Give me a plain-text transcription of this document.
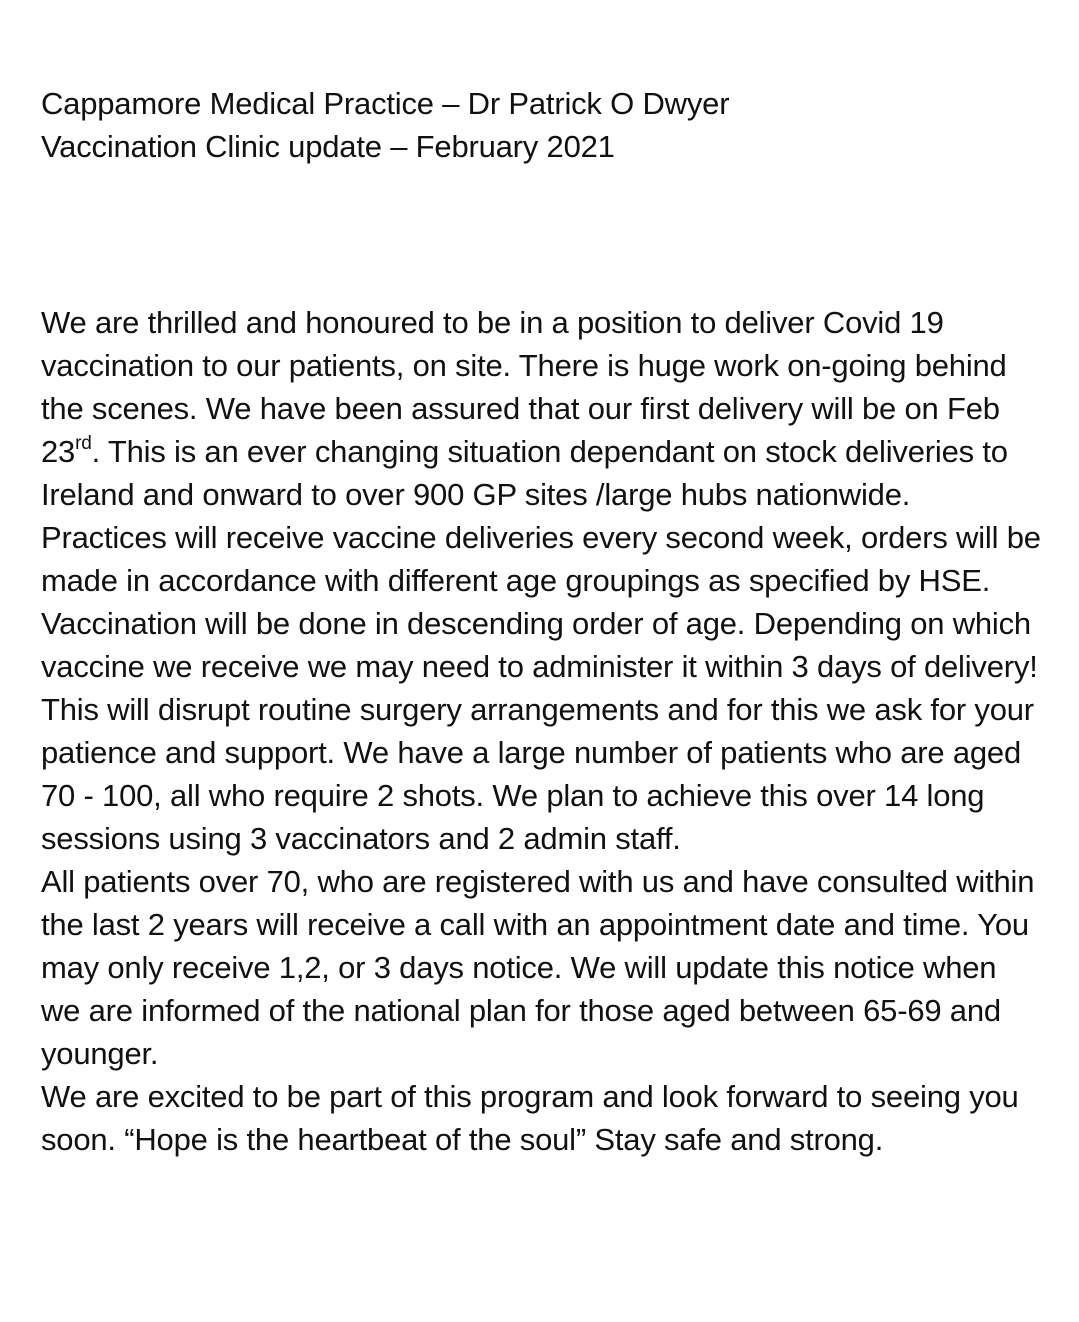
Cappamore Medical Practice – Dr Patrick O Dwyer
Vaccination Clinic update – February 2021

We are thrilled and honoured to be in a position to deliver Covid 19 vaccination to our patients, on site. There is huge work on-going behind the scenes. We have been assured that our first delivery will be on Feb 23rd. This is an ever changing situation dependant on stock deliveries to Ireland and onward to over 900 GP sites /large hubs nationwide.

Practices will receive vaccine deliveries every second week, orders will be made in accordance with different age groupings as specified by HSE. Vaccination will be done in descending order of age. Depending on which vaccine we receive we may need to administer it within 3 days of delivery! This will disrupt routine surgery arrangements and for this we ask for your patience and support. We have a large number of patients who are aged 70 - 100, all who require 2 shots. We plan to achieve this over 14 long sessions using 3 vaccinators and 2 admin staff.

All patients over 70, who are registered with us and have consulted within the last 2 years will receive a call with an appointment date and time. You may only receive 1,2, or 3 days notice. We will update this notice when we are informed of the national plan for those aged between 65-69 and younger.

We are excited to be part of this program and look forward to seeing you soon. “Hope is the heartbeat of the soul” Stay safe and strong.
